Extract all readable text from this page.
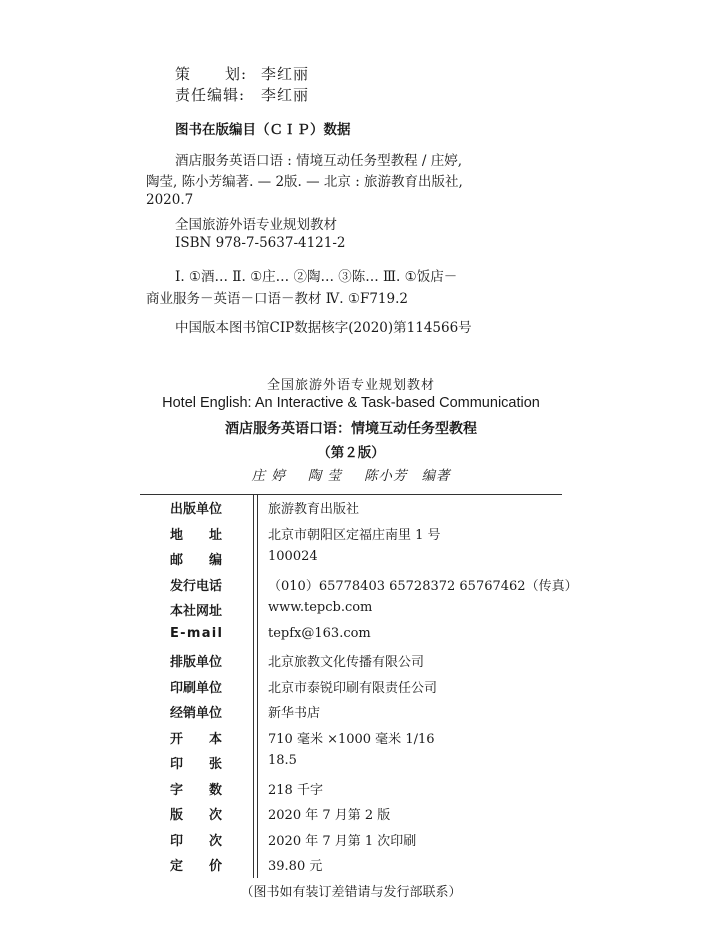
策 划: 李红丽
责任编辑: 李红丽
图书在版编目（ＣＩＰ）数据
酒店服务英语口语 : 情境互动任务型教程 / 庄婷,
陶莹, 陈小芳编著. — 2版. — 北京 : 旅游教育出版社,
2020.7
全国旅游外语专业规划教材
ISBN 978-7-5637-4121-2
Ⅰ. ①酒… Ⅱ. ①庄… ②陶… ③陈… Ⅲ. ①饭店－
商业服务－英语－口语－教材 Ⅳ. ①F719.2
中国版本图书馆CIP数据核字(2020)第114566号
全国旅游外语专业规划教材
Hotel English: An Interactive & Task-based Communication
酒店服务英语口语：情境互动任务型教程
（第２版）
庄 婷 陶 莹 陈小芳 编著
出 版 单 位	旅游教育出版社
地 址	北京市朝阳区定福庄南里 1 号
邮 编	100024
发 行 电 话	（010）65778403 65728372 65767462（传真）
本 社 网 址	www.tepcb.com
E - m a i l	tepfx@163.com
排 版 单 位	北京旅教文化传播有限公司
印 刷 单 位	北京市泰锐印刷有限责任公司
经 销 单 位	新华书店
开 本	710 毫米 ×1000 毫米 1/16
印 张	18.5
字 数	218 千字
版 次	2020 年 7 月第 2 版
印 次	2020 年 7 月第 1 次印刷
定 价	39.80 元
（图书如有装订差错请与发行部联系）
